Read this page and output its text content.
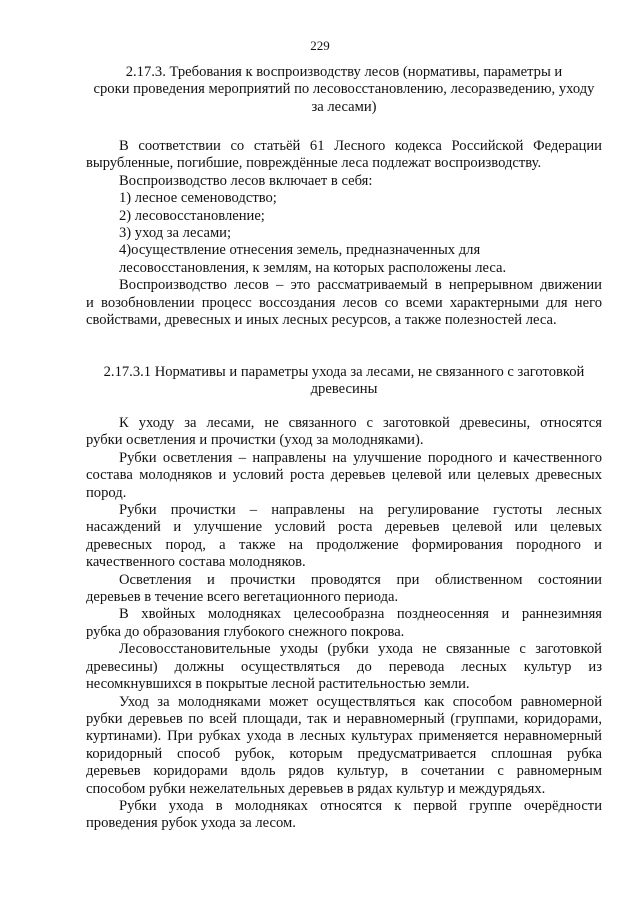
229
2.17.3. Требования к воспроизводству лесов (нормативы, параметры и
сроки проведения мероприятий по лесовосстановлению, лесоразведению, уходу
за лесами)
В соответствии со статьёй 61 Лесного кодекса Российской Федерации
вырубленные, погибшие, повреждённые леса подлежат воспроизводству.
Воспроизводство лесов включает в себя:
1) лесное семеноводство;
2) лесовосстановление;
3) уход за лесами;
4)осуществление отнесения земель, предназначенных для
лесовосстановления, к землям, на которых расположены леса.
Воспроизводство лесов – это рассматриваемый в непрерывном движении
и возобновлении процесс воссоздания лесов со всеми характерными для него
свойствами, древесных и иных лесных ресурсов, а также полезностей леса.
2.17.3.1 Нормативы и параметры ухода за лесами, не связанного с заготовкой
древесины
К уходу за лесами, не связанного с заготовкой древесины, относятся
рубки осветления и прочистки (уход за молодняками).
Рубки осветления – направлены на улучшение породного и качественного
состава молодняков и условий роста деревьев целевой или целевых древесных
пород.
Рубки прочистки – направлены на регулирование густоты лесных
насаждений и улучшение условий роста деревьев целевой или целевых
древесных пород, а также на продолжение формирования породного и
качественного состава молодняков.
Осветления и прочистки проводятся при облиственном состоянии
деревьев в течение всего вегетационного периода.
В хвойных молодняках целесообразна позднеосенняя и раннезимняя
рубка до образования глубокого снежного покрова.
Лесовосстановительные уходы (рубки ухода не связанные с заготовкой
древесины) должны осуществляться до перевода лесных культур из
несомкнувшихся в покрытые лесной растительностью земли.
Уход за молодняками может осуществляться как способом равномерной
рубки деревьев по всей площади, так и неравномерный (группами, коридорами,
куртинами). При рубках ухода в лесных культурах применяется неравномерный
коридорный способ рубок, которым предусматривается сплошная рубка
деревьев коридорами вдоль рядов культур, в сочетании с равномерным
способом рубки нежелательных деревьев в рядах культур и междурядьях.
Рубки ухода в молодняках относятся к первой группе очерёдности
проведения рубок ухода за лесом.
